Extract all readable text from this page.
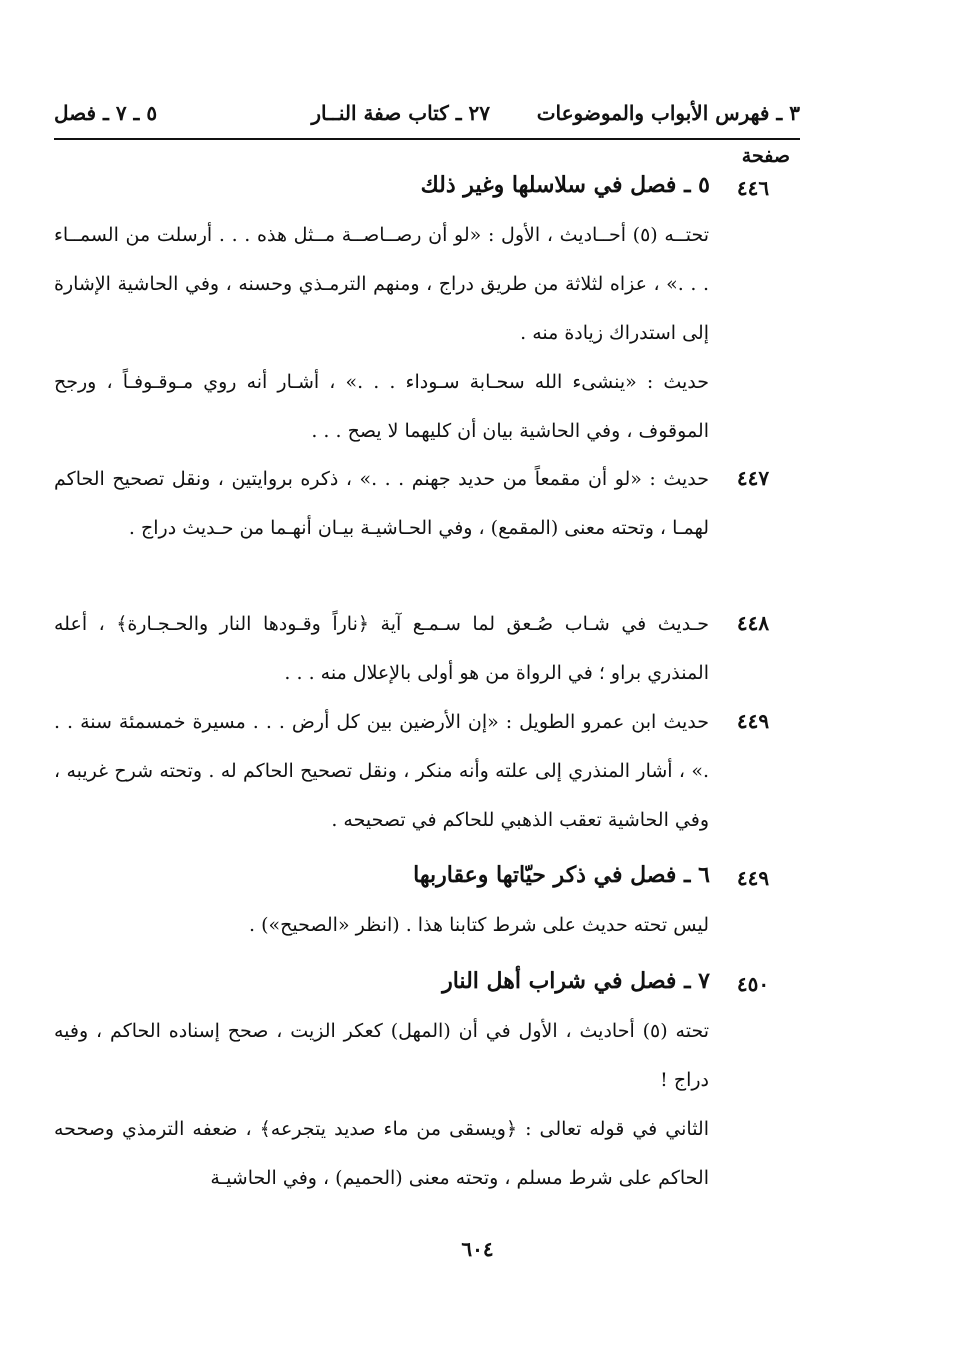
٣ ـ فهرس الأبواب والموضوعات
٢٧ ـ كتاب صفة النــار
٥ ـ ٧ ـ فصل
صفحة
٤٤٦
٥ ـ فصل في سلاسلها وغير ذلك
تحتــه (٥) أحــاديث ، الأول : «لو أن رصــاصــة مــثل هذه . . . أرسلت من السمــاء . . .» ، عزاه لثلاثة من طريق دراج ، ومنهم الترمـذي وحسنه ، وفي الحاشية الإشارة إلى استدراك زيادة منه .
حديث : «ينشىء الله سحـابة سـوداء . . .» ، أشـار أنه روي مـوقـوفـاً ، ورجح الموقوف ، وفي الحاشية بيان أن كليهما لا يصح . . .
٤٤٧
حديث : «لو أن مقمعاً من حديد جهنم . . .» ، ذكره بروايتين ، ونقل تصحيح الحاكم لهمـا ، وتحته معنى (المقمع) ، وفي الحـاشيـة بيـان أنهـما من حـديث دراج .
٤٤٨
حـديث في شـاب صُـعق لما سـمـع آية ﴿ناراً وقـودها النار والحـجـارة﴾ ، أعله المنذري براو ؛ في الرواة من هو أولى بالإعلال منه . . .
٤٤٩
حديث ابن عمرو الطويل : «إن الأرضين بين كل أرض . . . مسيرة خمسمئة سنة . . .» ، أشار المنذري إلى علته وأنه منكر ، ونقل تصحيح الحاكم له . وتحته شرح غريبه ، وفي الحاشية تعقب الذهبي للحاكم في تصحيحه .
٤٤٩
٦ ـ فصل في ذكر حيّاتها وعقاربها
ليس تحته حديث على شرط كتابنا هذا . (انظر «الصحيح») .
٤٥٠
٧ ـ فصل في شراب أهل النار
تحته (٥) أحاديث ، الأول في أن (المهل) كعكر الزيت ، صحح إسناده الحاكم ، وفيه دراج !
الثاني في قوله تعالى : ﴿ويسقى من ماء صديد يتجرعه﴾ ، ضعفه الترمذي وصححه الحاكم على شرط مسلم ، وتحته معنى (الحميم) ، وفي الحاشيـة
٦٠٤
